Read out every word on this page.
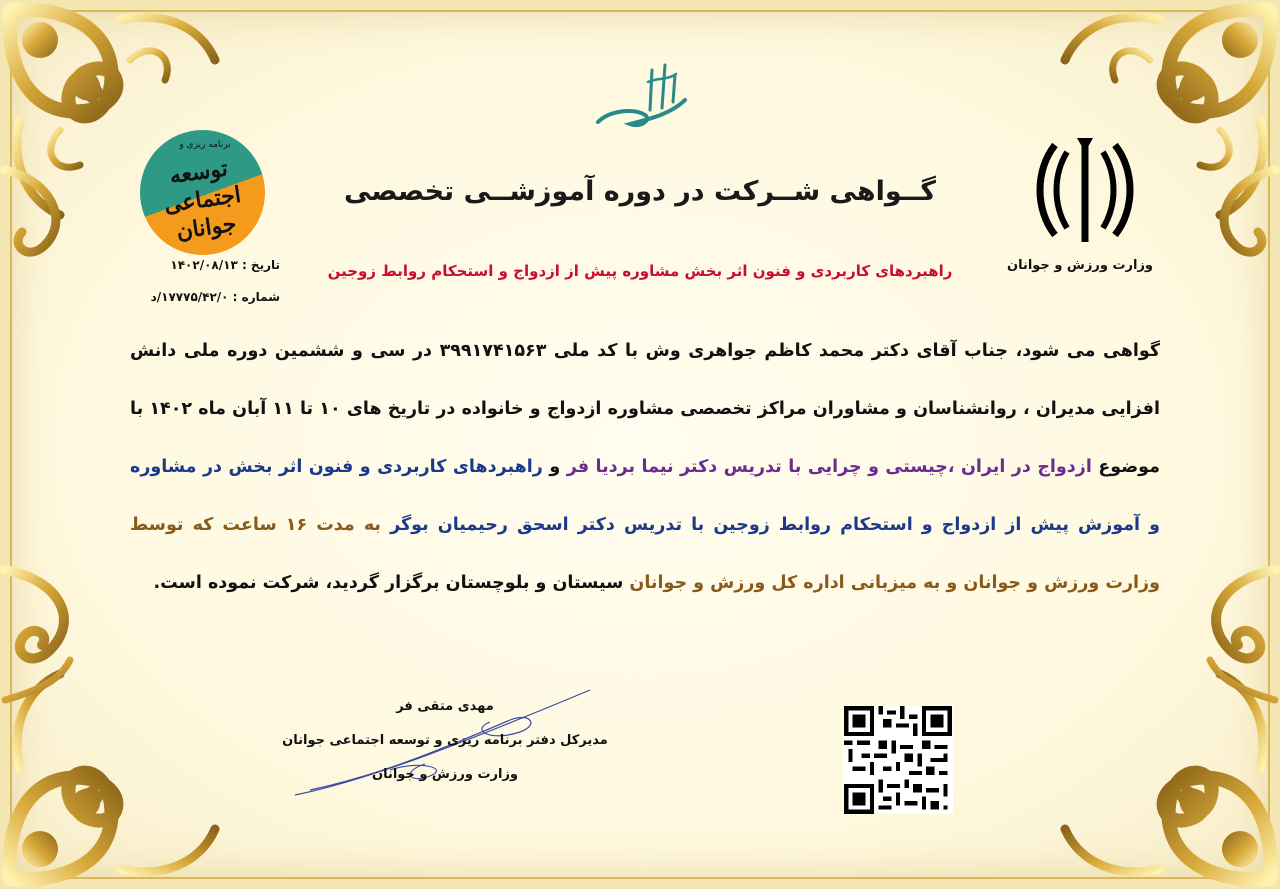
وزارت ورزش و جوانان
برنامه ریزی و
توسعه اجتماعی جوانان
تاریخ : ۱۴۰۲/۰۸/۱۳
شماره : ۱۷۷۷۵/۴۲/۰/د
گــواهی شــرکت در دوره آموزشــی تخصصی
راهبردهای کاربردی و فنون اثر بخش مشاوره پیش از ازدواج و استحکام روابط زوجین
گواهی می شود، جناب آقای دکتر محمد کاظم جواهری وش با کد ملی ۳۹۹۱۷۴۱۵۶۳ در سی و ششمین دوره ملی دانش افزایی مدیران ، روانشناسان و مشاوران مراکز تخصصی مشاوره ازدواج و خانواده در تاریخ های ۱۰ تا ۱۱ آبان ماه ۱۴۰۲ با موضوع ازدواج در ایران ،چیستی و چرایی با تدریس دکتر نیما بردیا فر و راهبردهای کاربردی و فنون اثر بخش در مشاوره و آموزش پیش از ازدواج و استحکام روابط زوجین با تدریس دکتر اسحق رحیمیان بوگر به مدت ۱۶ ساعت که توسط وزارت ورزش و جوانان و به میزبانی اداره کل ورزش و جوانان سیستان و بلوچستان برگزار گردید، شرکت نموده است.
مهدی متقی فر
مدیرکل دفتر برنامه ریزی و توسعه اجتماعی جوانان
وزارت ورزش و جوانان
